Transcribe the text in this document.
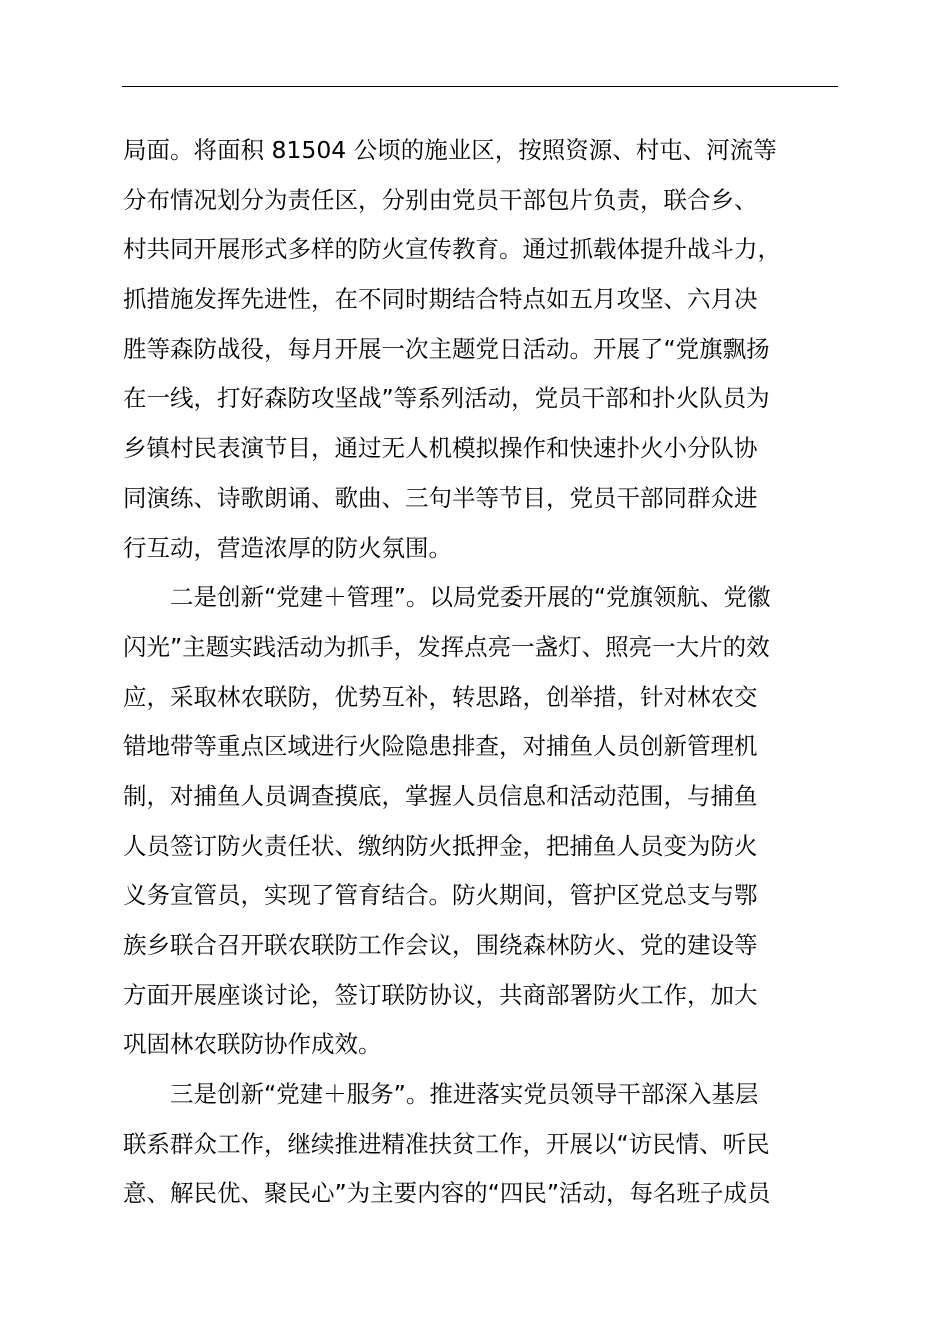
局面。将面积 81504 公顷的施业区，按照资源、村屯、河流等
分布情况划分为责任区，分别由党员干部包片负责，联合乡、
村共同开展形式多样的防火宣传教育。通过抓载体提升战斗力，
抓措施发挥先进性，在不同时期结合特点如五月攻坚、六月决
胜等森防战役，每月开展一次主题党日活动。开展了“党旗飘扬
在一线，打好森防攻坚战”等系列活动，党员干部和扑火队员为
乡镇村民表演节目，通过无人机模拟操作和快速扑火小分队协
同演练、诗歌朗诵、歌曲、三句半等节目，党员干部同群众进
行互动，营造浓厚的防火氛围。
　　二是创新“党建＋管理”。以局党委开展的“党旗领航、党徽
闪光”主题实践活动为抓手，发挥点亮一盏灯、照亮一大片的效
应，采取林农联防，优势互补，转思路，创举措，针对林农交
错地带等重点区域进行火险隐患排查，对捕鱼人员创新管理机
制，对捕鱼人员调查摸底，掌握人员信息和活动范围，与捕鱼
人员签订防火责任状、缴纳防火抵押金，把捕鱼人员变为防火
义务宣管员，实现了管育结合。防火期间，管护区党总支与鄂
族乡联合召开联农联防工作会议，围绕森林防火、党的建设等
方面开展座谈讨论，签订联防协议，共商部署防火工作，加大
巩固林农联防协作成效。
　　三是创新“党建＋服务”。推进落实党员领导干部深入基层
联系群众工作，继续推进精准扶贫工作，开展以“访民情、听民
意、解民优、聚民心”为主要内容的“四民”活动，每名班子成员
